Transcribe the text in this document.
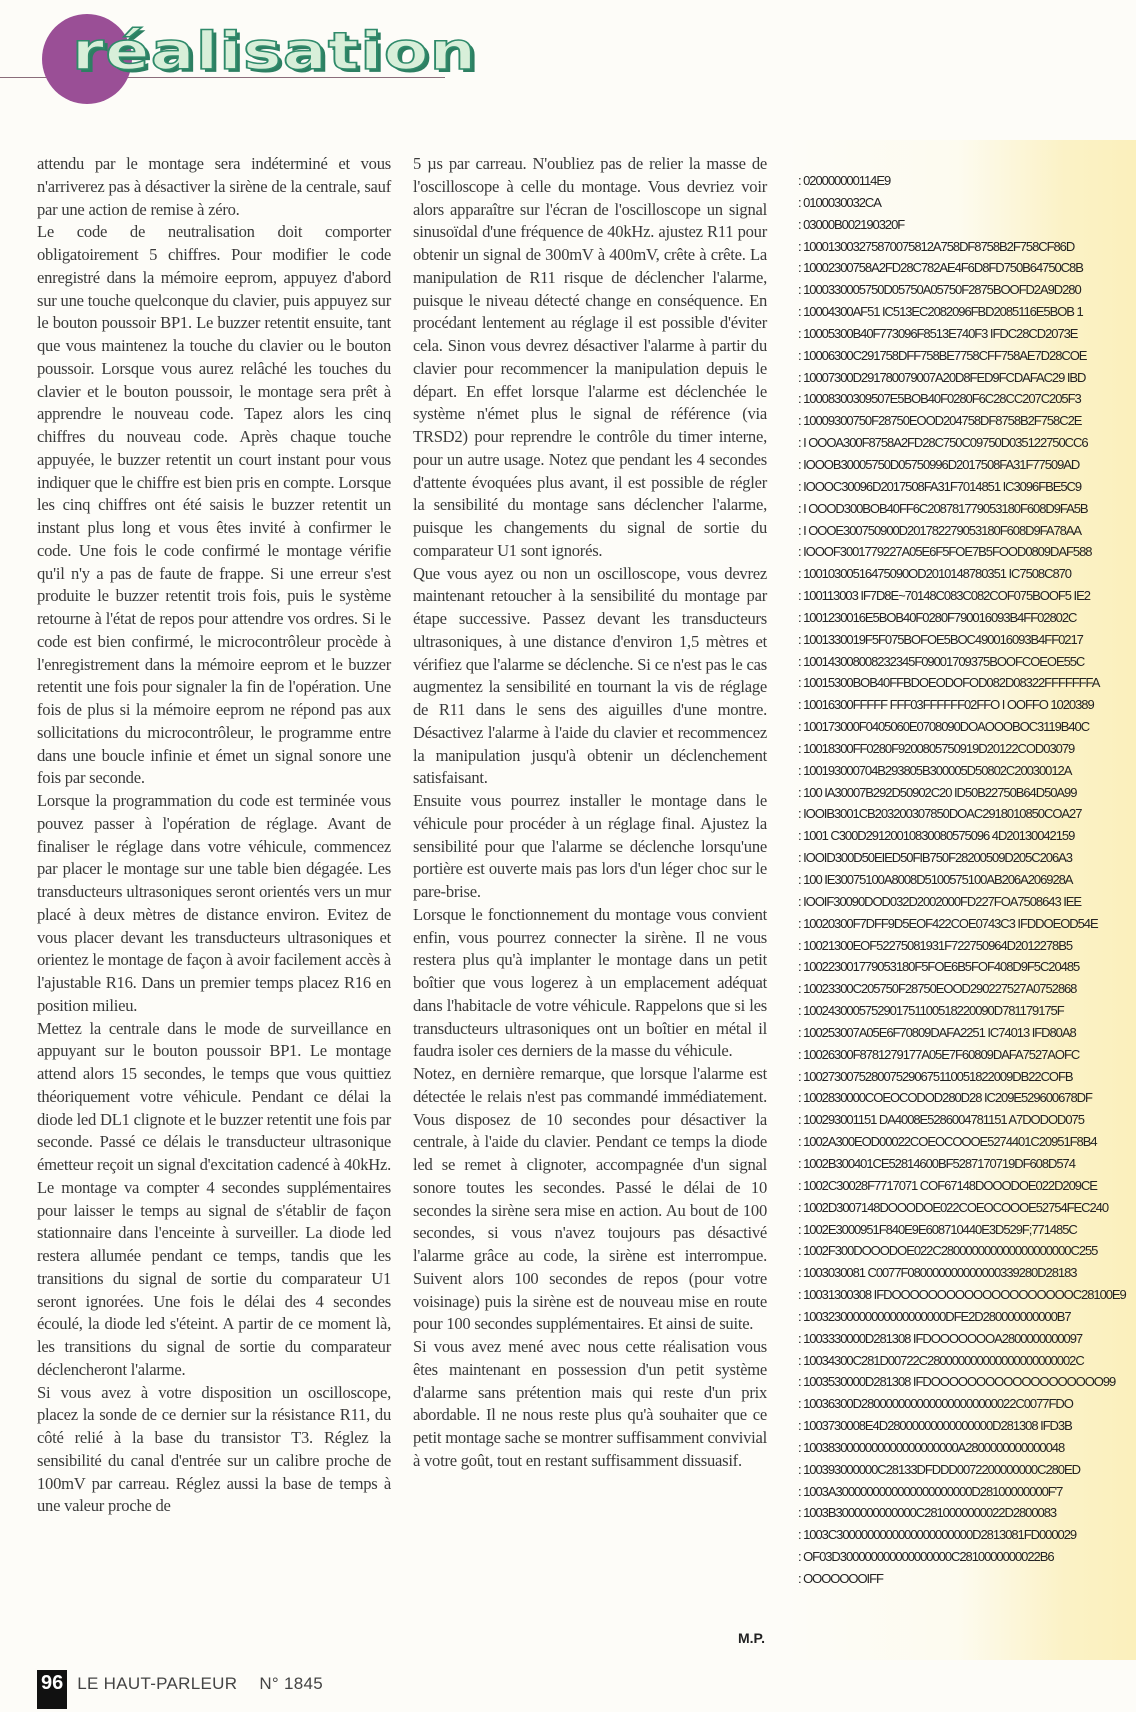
réalisation

attendu par le montage sera indéterminé et vous n'arriverez pas à désactiver la sirène de la centrale, sauf par une action de remise à zéro.

Le code de neutralisation doit comporter obligatoirement 5 chiffres. Pour modifier le code enregistré dans la mémoire eeprom, appuyez d'abord sur une touche quelconque du clavier, puis appuyez sur le bouton poussoir BP1. Le buzzer retentit ensuite, tant que vous maintenez la touche du clavier ou le bouton poussoir. Lorsque vous aurez relâché les touches du clavier et le bouton poussoir, le montage sera prêt à apprendre le nouveau code. Tapez alors les cinq chiffres du nouveau code. Après chaque touche appuyée, le buzzer retentit un court instant pour vous indiquer que le chiffre est bien pris en compte. Lorsque les cinq chiffres ont été saisis le buzzer retentit un instant plus long et vous êtes invité à confirmer le code. Une fois le code confirmé le montage vérifie qu'il n'y a pas de faute de frappe. Si une erreur s'est produite le buzzer retentit trois fois, puis le système retourne à l'état de repos pour attendre vos ordres. Si le code est bien confirmé, le microcontrôleur procède à l'enregistrement dans la mémoire eeprom et le buzzer retentit une fois pour signaler la fin de l'opération. Une fois de plus si la mémoire eeprom ne répond pas aux sollicitations du microcontrôleur, le programme entre dans une boucle infinie et émet un signal sonore une fois par seconde.

Lorsque la programmation du code est terminée vous pouvez passer à l'opération de réglage. Avant de finaliser le réglage dans votre véhicule, commencez par placer le montage sur une table bien dégagée. Les transducteurs ultrasoniques seront orientés vers un mur placé à deux mètres de distance environ. Evitez de vous placer devant les transducteurs ultrasoniques et orientez le montage de façon à avoir facilement accès à l'ajustable R16. Dans un premier temps placez R16 en position milieu.

Mettez la centrale dans le mode de surveillance en appuyant sur le bouton poussoir BP1. Le montage attend alors 15 secondes, le temps que vous quittiez théoriquement votre véhicule. Pendant ce délai la diode led DL1 clignote et le buzzer retentit une fois par seconde. Passé ce délais le transducteur ultrasonique émetteur reçoit un signal d'excitation cadencé à 40kHz. Le montage va compter 4 secondes supplémentaires pour laisser le temps au signal de s'établir de façon stationnaire dans l'enceinte à surveiller. La diode led restera allumée pendant ce temps, tandis que les transitions du signal de sortie du comparateur U1 seront ignorées. Une fois le délai des 4 secondes écoulé, la diode led s'éteint. A partir de ce moment là, les transitions du signal de sortie du comparateur déclencheront l'alarme.

Si vous avez à votre disposition un oscilloscope, placez la sonde de ce dernier sur la résistance R11, du côté relié à la base du transistor T3. Réglez la sensibilité du canal d'entrée sur un calibre proche de 100mV par carreau. Réglez aussi la base de temps à une valeur proche de

5 µs par carreau. N'oubliez pas de relier la masse de l'oscilloscope à celle du montage. Vous devriez voir alors apparaître sur l'écran de l'oscilloscope un signal sinusoïdal d'une fréquence de 40kHz. ajustez R11 pour obtenir un signal de 300mV à 400mV, crête à crête. La manipulation de R11 risque de déclencher l'alarme, puisque le niveau détecté change en conséquence. En procédant lentement au réglage il est possible d'éviter cela. Sinon vous devrez désactiver l'alarme à partir du clavier pour recommencer la manipulation depuis le départ. En effet lorsque l'alarme est déclenchée le système n'émet plus le signal de référence (via TRSD2) pour reprendre le contrôle du timer interne, pour un autre usage. Notez que pendant les 4 secondes d'attente évoquées plus avant, il est possible de régler la sensibilité du montage sans déclencher l'alarme, puisque les changements du signal de sortie du comparateur U1 sont ignorés.

Que vous ayez ou non un oscilloscope, vous devrez maintenant retoucher à la sensibilité du montage par étape successive. Passez devant les transducteurs ultrasoniques, à une distance d'environ 1,5 mètres et vérifiez que l'alarme se déclenche. Si ce n'est pas le cas augmentez la sensibilité en tournant la vis de réglage de R11 dans le sens des aiguilles d'une montre. Désactivez l'alarme à l'aide du clavier et recommencez la manipulation jusqu'à obtenir un déclenchement satisfaisant.

Ensuite vous pourrez installer le montage dans le véhicule pour procéder à un réglage final. Ajustez la sensibilité pour que l'alarme se déclenche lorsqu'une portière est ouverte mais pas lors d'un léger choc sur le pare-brise.

Lorsque le fonctionnement du montage vous convient enfin, vous pourrez connecter la sirène. Il ne vous restera plus qu'à implanter le montage dans un petit boîtier que vous logerez à un emplacement adéquat dans l'habitacle de votre véhicule. Rappelons que si les transducteurs ultrasoniques ont un boîtier en métal il faudra isoler ces derniers de la masse du véhicule.

Notez, en dernière remarque, que lorsque l'alarme est détectée le relais n'est pas commandé immédiatement. Vous disposez de 10 secondes pour désactiver la centrale, à l'aide du clavier. Pendant ce temps la diode led se remet à clignoter, accompagnée d'un signal sonore toutes les secondes. Passé le délai de 10 secondes la sirène sera mise en action. Au bout de 100 secondes, si vous n'avez toujours pas désactivé l'alarme grâce au code, la sirène est interrompue. Suivent alors 100 secondes de repos (pour votre voisinage) puis la sirène est de nouveau mise en route pour 100 secondes supplémentaires. Et ainsi de suite.

Si vous avez mené avec nous cette réalisation vous êtes maintenant en possession d'un petit système d'alarme sans prétention mais qui reste d'un prix abordable. Il ne nous reste plus qu'à souhaiter que ce petit montage sache se montrer suffisamment convivial à votre goût, tout en restant suffisamment dissuasif.

: 020000000114E9
: 0100030032CA
: 03000B002190320F
: 100013003275870075812A758DF8758B2F758CF86D
: 10002300758A2FD28C782AE4F6D8FD750B64750C8B
: 1000330005750D05750A05750F2875BOOFD2A9D280
: 10004300AF51 IC513EC2082096FBD2085116E5BOB 1
: 10005300B40F773096F8513E740F3 IFDC28CD2073E
: 10006300C291758DFF758BE7758CFF758AE7D28COE
: 10007300D291780079007A20D8FED9FCDAFAC29 IBD
: 10008300309507E5BOB40F0280F6C28CC207C205F3
: 10009300750F28750EOOD204758DF8758B2F758C2E
: I OOOA300F8758A2FD28C750C09750D035122750CC6
: IOOOB30005750D05750996D2017508FA31F77509AD
: IOOOC30096D2017508FA31F7014851 IC3096FBE5C9
: I OOOD300BOB40FF6C208781779053180F608D9FA5B
: I OOOE300750900D201782279053180F608D9FA78AA
: IOOOF3001779227A05E6F5FOE7B5FOOD0809DAF588
: 10010300516475090OD2010148780351 IC7508C870
: 100113003 IF7D8E~70148C083C082COF075BOOF5 IE2
: 1001230016E5BOB40F0280F790016093B4FF02802C
: 1001330019F5F075BOFOE5BOC490016093B4FF0217
: 100143008008232345F09001709375BOOFCOEOE55C
: 10015300BOB40FFBDOEODOFOD082D08322FFFFFFFA
: 10016300FFFFF FFF03FFFFFF02FFO I OOFFO 1020389
: 100173000F0405060E0708090DOAOOOBOC3119B40C
: 10018300FF0280F9200805750919D20122COD03079
: 100193000704B293805B300005D50802C20030012A
: 100 IA30007B292D50902C20 ID50B22750B64D50A99
: IOOIB3001CB203200307850DOAC2918010850COA27
: 1001 C300D29120010830080575096 4D20130042159
: IOOID300D50EIED50FIB750F28200509D205C206A3
: 100 IE30075100A8008D5100575100AB206A206928A
: IOOIF30090DOD032D2002000FD227FOA7508643 IEE
: 10020300F7DFF9D5EOF422COE0743C3 IFDDOEOD54E
: 10021300EOF52275081931F722750964D2012278B5
: 100223001779053180F5FOE6B5FOF408D9F5C20485
: 10023300C205750F28750EOOD290227527A0752868
: 1002430005752901751100518220090D781179175F
: 100253007A05E6F70809DAFA2251 IC74013 IFD80A8
: 10026300F8781279177A05E7F60809DAFA7527AOFC
: 1002730075280075290675110051822009DB22COFB
: 1002830000COEOCODOD280D28 IC209E529600678DF
: 100293001151 DA4008E5286004781151 A7DODOD075
: 1002A300EOD00022COEOCOOOE5274401C20951F8B4
: 1002B300401CE52814600BF5287170719DF608D574
: 1002C30028F7717071 COF67148DOOODOE022D209CE
: 1002D3007148DOOODOE022COEOCOOOE52754FEC240
: 1002E3000951F840E9E608710440E3D529F;771485C
: 1002F300DOOODOE022C280000000000000000000C255
: 1003030081 C0077F080000000000000339280D28183
: 10031300308 IFDOOOOOOOOOOOOOOOOOOOOC28100E9
: 10032300000000000000000DFE2D280000000000B7
: 1003330000D281308 IFDOOOOOOOA2800000000097
: 10034300C281D00722C280000000000000000000002C
: 1003530000D281308 IFDOOOOOOOOOOOOOOOOOOO99
: 10036300D2800000000000000000000022C0077FDO
: 1003730008E4D28000000000000000D281308 IFD3B
: 1003830000000000000000000A2800000000000048
: 100393000000C28133DFDDD0072200000000C280ED
: 1003A3000000000000000000000D28100000000F'7
: 1003B3000000000000C2810000000022D2800083
: 1003C3000000000000000000000D2813081FD000029
: OF03D300000000000000000C2810000000022B6
: OOOOOOOIFF
M.P.
96 LE HAUT-PARLEUR N° 1845
